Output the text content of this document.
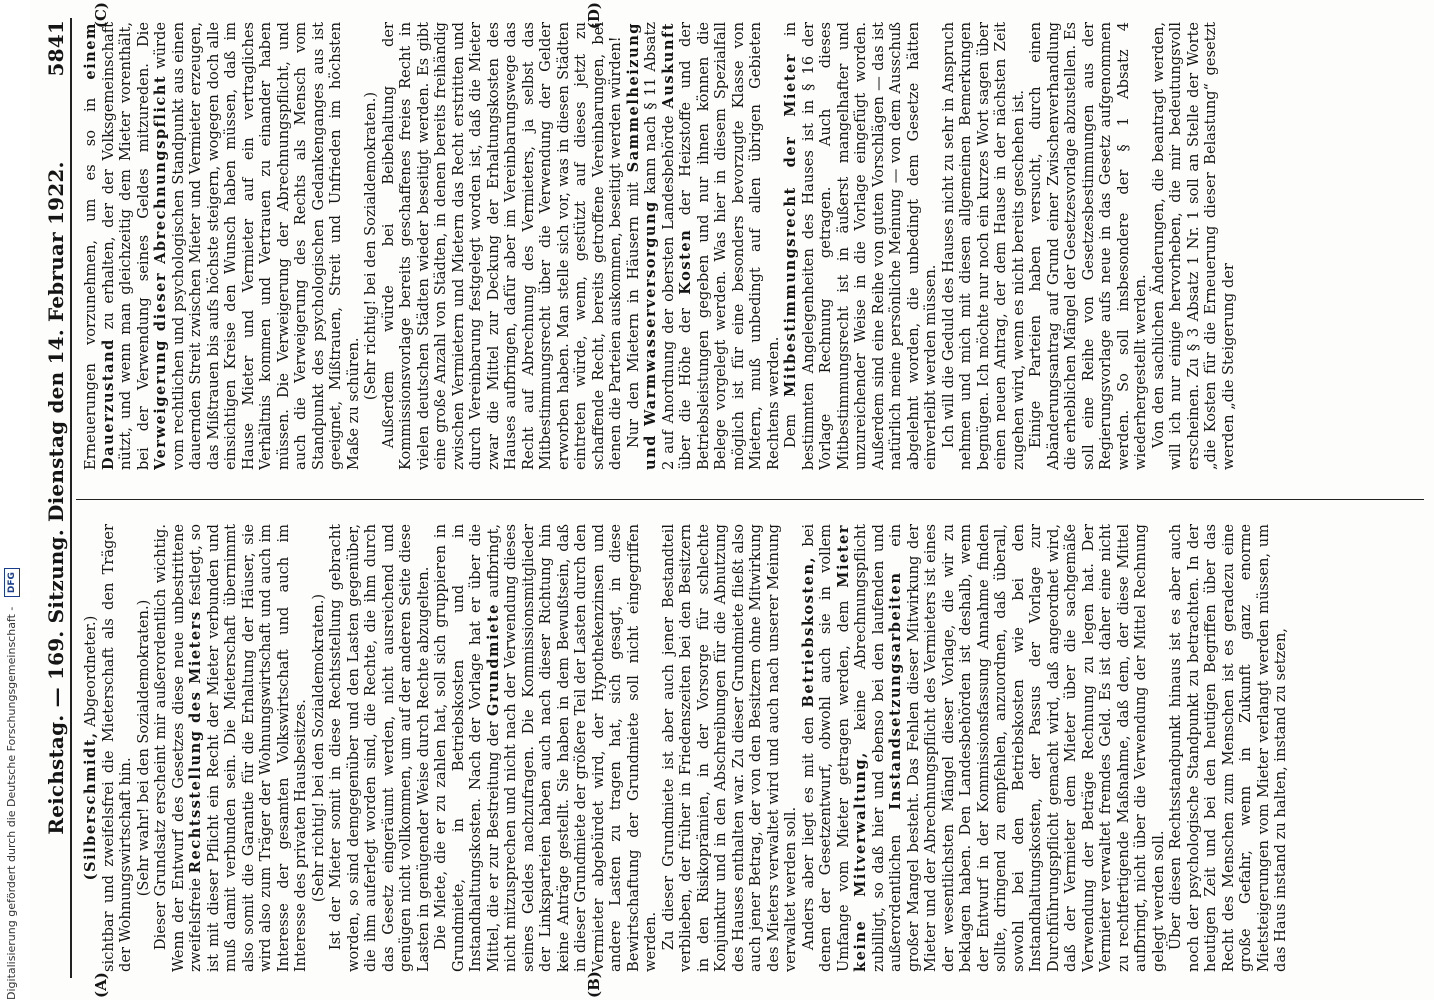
Digitalisierung gefördert durch die Deutsche Forschungsgemeinschaft - DFG Reichstag. — 169. Sitzung. Dienstag den 14. Februar 1922.
5841
(A)	(B)
(C)	(D)

(Silberschmidt, Abgeordneter.) sichtbar und zweifelsfrei die Mieterschaft als den Träger der Wohnungswirtschaft hin. (Sehr wahr! bei den Sozialdemokraten.) Dieser Grundsatz erscheint mir außerordentlich wichtig. Wenn der Entwurf des Gesetzes diese neue unbestrittene zweifelsfreie Rechtsstellung des Mieters festlegt, so ist mit dieser Pflicht ein Recht der Mieter verbunden und muß damit verbunden sein. Die Mieterschaft übernimmt also somit die Garantie für die Erhaltung der Häuser, sie wird also zum Träger der Wohnungswirtschaft und auch im Interesse der gesamten Volkswirtschaft und auch im Interesse des privaten Hausbesitzes. (Sehr richtig! bei den Sozialdemokraten.) Ist der Mieter somit in diese Rechtsstellung gebracht worden, so sind demgegenüber und den Lasten gegenüber, die ihm auferlegt worden sind, die Rechte, die ihm durch das Gesetz eingeräumt werden, nicht ausreichend und genügen nicht vollkommen, um auf der anderen Seite diese Lasten in genügender Weise durch Rechte abzugelten. Die Miete, die er zu zahlen hat, soll sich gruppieren in Grundmiete, in Betriebskosten und in Instandhaltungskosten. Nach der Vorlage hat er über die Mittel, die er zur Bestreitung der Grundmiete aufbringt, nicht mitzusprechen und nicht nach der Verwendung dieses seines Geldes nachzufragen. Die Kommissionsmitglieder der Linksparteien haben auch nach dieser Richtung hin keine Anträge gestellt. Sie haben in dem Bewußtsein, daß in dieser Grundmiete der größere Teil der Lasten durch den Vermieter abgebürdet wird, der Hypothekenzinsen und andere Lasten zu tragen hat, sich gesagt, in diese Bewirtschaftung der Grundmiete soll nicht eingegriffen werden. Zu dieser Grundmiete ist aber auch jener Bestandteil verblieben, der früher in Friedenszeiten bei den Besitzern in den Risikoprämien, in der Vorsorge für schlechte Konjunktur und in den Abschreibungen für die Abnutzung des Hauses enthalten war. Zu dieser Grundmiete fließt also auch jener Betrag, der von den Besitzern ohne Mitwirkung des Mieters verwaltet wird und auch nach unserer Meinung verwaltet werden soll. Anders aber liegt es mit den Betriebskosten, bei denen der Gesetzentwurf, obwohl auch sie in vollem Umfange vom Mieter getragen werden, dem Mieter keine Mitverwaltung, keine Abrechnungspflicht zubilligt, so daß hier und ebenso bei den laufenden und außerordentlichen Instandsetzungsarbeiten ein großer Mangel besteht. Das Fehlen dieser Mitwirkung der Mieter und der Abrechnungspflicht des Vermieters ist eines der wesentlichsten Mängel dieser Vorlage, die wir zu beklagen haben. Den Landesbehörden ist deshalb, wenn der Entwurf in der Kommissionsfassung Annahme finden sollte, dringend zu empfehlen, anzuordnen, daß überall, sowohl bei den Betriebskosten wie bei den Instandhaltungskosten, der Passus der Vorlage zur Durchführungspflicht gemacht wird, daß angeordnet wird, daß der Vermieter dem Mieter über die sachgemäße Verwendung der Beträge Rechnung zu legen hat. Der Vermieter verwaltet fremdes Geld. Es ist daher eine nicht zu rechtfertigende Maßnahme, daß dem, der diese Mittel aufbringt, nicht über die Verwendung der Mittel Rechnung gelegt werden soll. Über diesen Rechtsstandpunkt hinaus ist es aber auch noch der psychologische Standpunkt zu betrachten. In der heutigen Zeit und bei den heutigen Begriffen über das Recht des Menschen zum Menschen ist es geradezu eine große Gefahr, wenn in Zukunft ganz enorme Mietsteigerungen vom Mieter verlangt werden müssen, um das Haus instand zu halten, instand zu setzen,

Erneuerungen vorzunehmen, um es so in einem Dauerzustand zu erhalten, der der Volksgemeinschaft nützt, und wenn man gleichzeitig dem Mieter vorenthält, bei der Verwendung seines Geldes mitzureden. Die Verweigerung dieser Abrechnungspflicht würde vom rechtlichen und psychologischen Standpunkt aus einen dauernden Streit zwischen Mieter und Vermieter erzeugen, das Mißtrauen bis aufs höchste steigern, wogegen doch alle einsichtigen Kreise den Wunsch haben müssen, daß im Hause Mieter und Vermieter auf ein vertragliches Verhältnis kommen und Vertrauen zu einander haben müssen. Die Verweigerung der Abrechnungspflicht, und auch die Verweigerung des Rechts als Mensch vom Standpunkt des psychologischen Gedankenganges aus ist geeignet, Mißtrauen, Streit und Unfrieden im höchsten Maße zu schüren.

(Sehr richtig! bei den Sozialdemokraten.) Außerdem würde bei Beibehaltung der Kommissionsvorlage bereits geschaffenes freies Recht in vielen deutschen Städten wieder beseitigt werden. Es gibt eine große Anzahl von Städten, in denen bereits freihändig zwischen Vermietern und Mietern das Recht erstritten und durch Vereinbarung festgelegt worden ist, daß die Mieter zwar die Mittel zur Deckung der Erhaltungskosten des Hauses aufbringen, dafür aber im Vereinbarungswege das Recht auf Abrechnung des Vermieters, ja selbst das Mitbestimmungsrecht über die Verwendung der Gelder erworben haben. Man stelle sich vor, was in diesen Städten eintreten würde, wenn, gestützt auf dieses jetzt zu schaffende Recht, bereits getroffene Vereinbarungen, bei denen die Parteien auskommen, beseitigt werden würden! Nur den Mietern in Häusern mit Sammelheizung und Warmwasserversorgung kann nach § 11 Absatz 2 auf Anordnung der obersten Landesbehörde Auskunft über die Höhe der Kosten der Heizstoffe und der Betriebsleistungen gegeben und nur ihnen können die Belege vorgelegt werden. Was hier in diesem Spezialfall möglich ist für eine besonders bevorzugte Klasse von Mietern, muß unbedingt auf allen übrigen Gebieten Rechtens werden. Dem Mitbestimmungsrecht der Mieter in bestimmten Angelegenheiten des Hauses ist in § 16 der Vorlage Rechnung getragen. Auch dieses Mitbestimmungsrecht ist in äußerst mangelhafter und unzureichender Weise in die Vorlage eingefügt worden. Außerdem sind eine Reihe von guten Vorschlägen — das ist natürlich meine persönliche Meinung — von dem Ausschuß abgelehnt worden, die unbedingt dem Gesetze hätten einverleibt werden müssen. Ich will die Geduld des Hauses nicht zu sehr in Anspruch nehmen und mich mit diesen allgemeinen Bemerkungen begnügen. Ich möchte nur noch ein kurzes Wort sagen über einen neuen Antrag, der dem Hause in der nächsten Zeit zugehen wird, wenn es nicht bereits geschehen ist. Einige Parteien haben versucht, durch einen Abänderungsantrag auf Grund einer Zwischenverhandlung die erheblichen Mängel der Gesetzesvorlage abzustellen. Es soll eine Reihe von Gesetzesbestimmungen aus der Regierungsvorlage aufs neue in das Gesetz aufgenommen werden. So soll insbesondere der § 1 Absatz 4 wiederhergestellt werden. Von den sachlichen Änderungen, die beantragt werden, will ich nur einige hervorheben, die mir bedeutungsvoll erscheinen. Zu § 3 Absatz 1 Nr. 1 soll an Stelle der Worte „die Kosten für die Erneuerung dieser Belastung“ gesetzt werden „die Steigerung der
